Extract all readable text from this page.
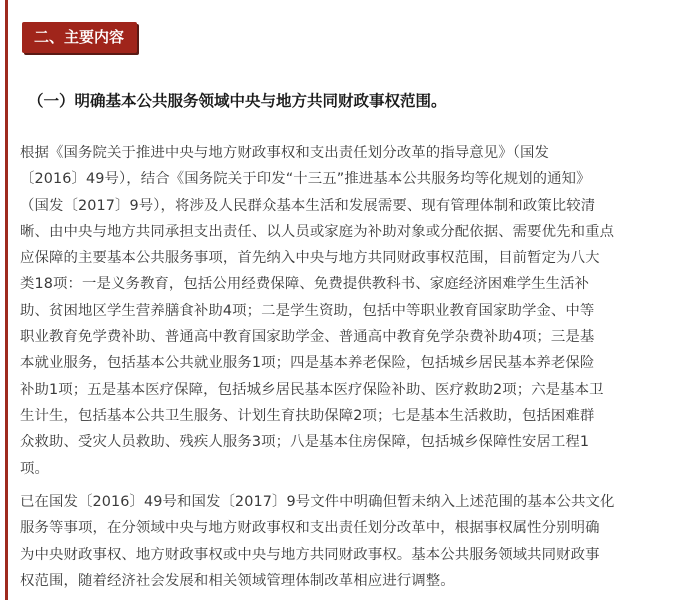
二、主要内容
（一）明确基本公共服务领域中央与地方共同财政事权范围。
根据《国务院关于推进中央与地方财政事权和支出责任划分改革的指导意见》（国发
〔2016〕49号），结合《国务院关于印发“十三五”推进基本公共服务均等化规划的通知》
（国发〔2017〕9号），将涉及人民群众基本生活和发展需要、现有管理体制和政策比较清
晰、由中央与地方共同承担支出责任、以人员或家庭为补助对象或分配依据、需要优先和重点
应保障的主要基本公共服务事项，首先纳入中央与地方共同财政事权范围，目前暂定为八大
类18项：一是义务教育，包括公用经费保障、免费提供教科书、家庭经济困难学生生活补
助、贫困地区学生营养膳食补助4项；二是学生资助，包括中等职业教育国家助学金、中等
职业教育免学费补助、普通高中教育国家助学金、普通高中教育免学杂费补助4项；三是基
本就业服务，包括基本公共就业服务1项；四是基本养老保险，包括城乡居民基本养老保险
补助1项；五是基本医疗保障，包括城乡居民基本医疗保险补助、医疗救助2项；六是基本卫
生计生，包括基本公共卫生服务、计划生育扶助保障2项；七是基本生活救助，包括困难群
众救助、受灾人员救助、残疾人服务3项；八是基本住房保障，包括城乡保障性安居工程1
项。
已在国发〔2016〕49号和国发〔2017〕9号文件中明确但暂未纳入上述范围的基本公共文化
服务等事项，在分领域中央与地方财政事权和支出责任划分改革中，根据事权属性分别明确
为中央财政事权、地方财政事权或中央与地方共同财政事权。基本公共服务领域共同财政事
权范围，随着经济社会发展和相关领域管理体制改革相应进行调整。
